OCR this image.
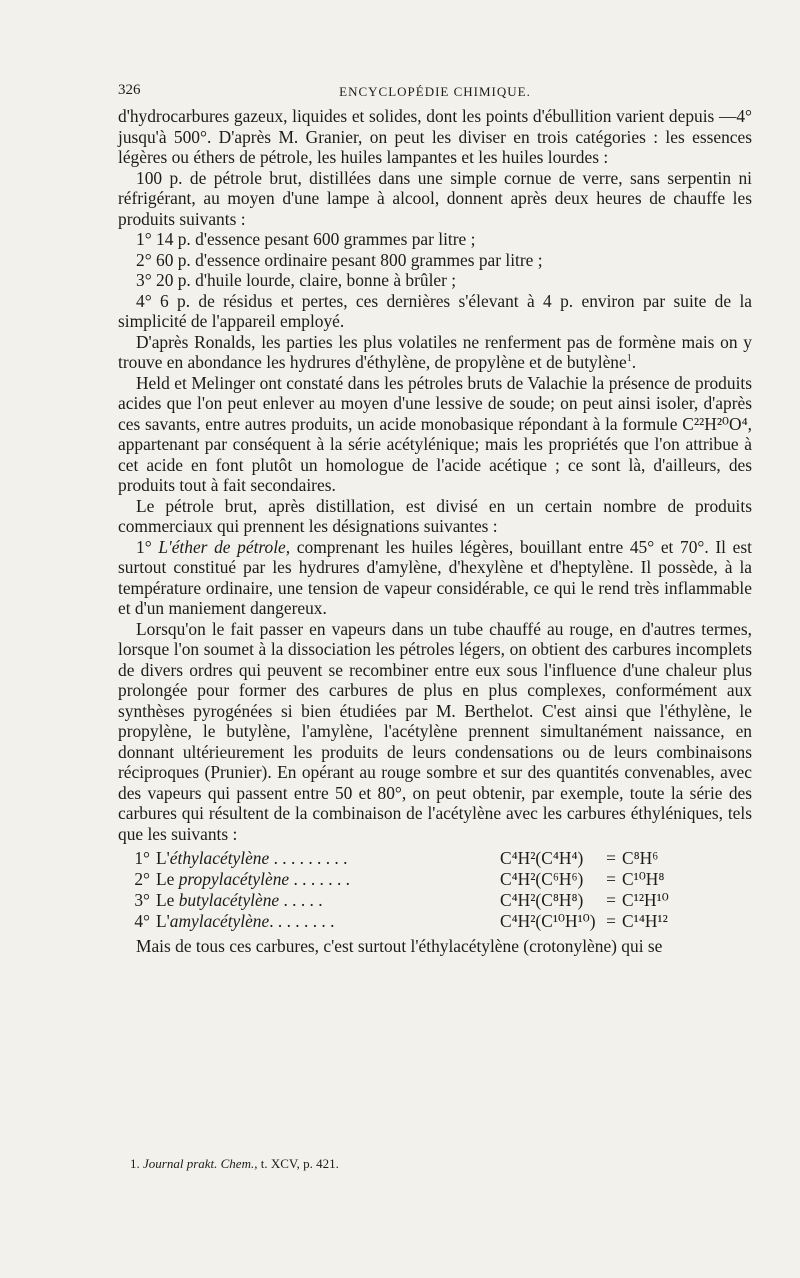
326	ENCYCLOPÉDIE CHIMIQUE.

d'hydrocarbures gazeux, liquides et solides, dont les points d'ébullition varient depuis —4° jusqu'à 500°. D'après M. Granier, on peut les diviser en trois catégories : les essences légères ou éthers de pétrole, les huiles lampantes et les huiles lourdes :

100 p. de pétrole brut, distillées dans une simple cornue de verre, sans serpentin ni réfrigérant, au moyen d'une lampe à alcool, donnent après deux heures de chauffe les produits suivants :

1° 14 p. d'essence pesant 600 grammes par litre ;

2° 60 p. d'essence ordinaire pesant 800 grammes par litre ;

3° 20 p. d'huile lourde, claire, bonne à brûler ;

4° 6 p. de résidus et pertes, ces dernières s'élevant à 4 p. environ par suite de la simplicité de l'appareil employé.

D'après Ronalds, les parties les plus volatiles ne renferment pas de formène mais on y trouve en abondance les hydrures d'éthylène, de propylène et de butylène$^1$.

Held et Melinger ont constaté dans les pétroles bruts de Valachie la présence de produits acides que l'on peut enlever au moyen d'une lessive de soude; on peut ainsi isoler, d'après ces savants, entre autres produits, un acide monobasique répondant à la formule C²²H²⁰O⁴, appartenant par conséquent à la série acétylénique; mais les propriétés que l'on attribue à cet acide en font plutôt un homologue de l'acide acétique ; ce sont là, d'ailleurs, des produits tout à fait secondaires.

Le pétrole brut, après distillation, est divisé en un certain nombre de produits commerciaux qui prennent les désignations suivantes :

1° L'éther de pétrole, comprenant les huiles légères, bouillant entre 45° et 70°. Il est surtout constitué par les hydrures d'amylène, d'hexylène et d'heptylène. Il possède, à la température ordinaire, une tension de vapeur considérable, ce qui le rend très inflammable et d'un maniement dangereux.

Lorsqu'on le fait passer en vapeurs dans un tube chauffé au rouge, en d'autres termes, lorsque l'on soumet à la dissociation les pétroles légers, on obtient des carbures incomplets de divers ordres qui peuvent se recombiner entre eux sous l'influence d'une chaleur plus prolongée pour former des carbures de plus en plus complexes, conformément aux synthèses pyrogénées si bien étudiées par M. Berthelot. C'est ainsi que l'éthylène, le propylène, le butylène, l'amylène, l'acétylène prennent simultanément naissance, en donnant ultérieurement les produits de leurs condensations ou de leurs combinaisons réciproques (Prunier). En opérant au rouge sombre et sur des quantités convenables, avec des vapeurs qui passent entre 50 et 80°, on peut obtenir, par exemple, toute la série des carbures qui résultent de la combinaison de l'acétylène avec les carbures éthyléniques, tels que les suivants :

1° L'éthylacétylène . . . . . . . . .	C⁴H²(C⁴H⁴)	= C⁸H⁶
2° Le propylacétylène . . . . . . .	C⁴H²(C⁶H⁶)	= C¹⁰H⁸
3° Le butylacétylène . . . . .	C⁴H²(C⁸H⁸)	= C¹²H¹⁰
4° L'amylacétylène. . . . . . . .	C⁴H²(C¹⁰H¹⁰) = C¹⁴H¹²

Mais de tous ces carbures, c'est surtout l'éthylacétylène (crotonylène) qui se

1. Journal prakt. Chem., t. XCV, p. 421.
